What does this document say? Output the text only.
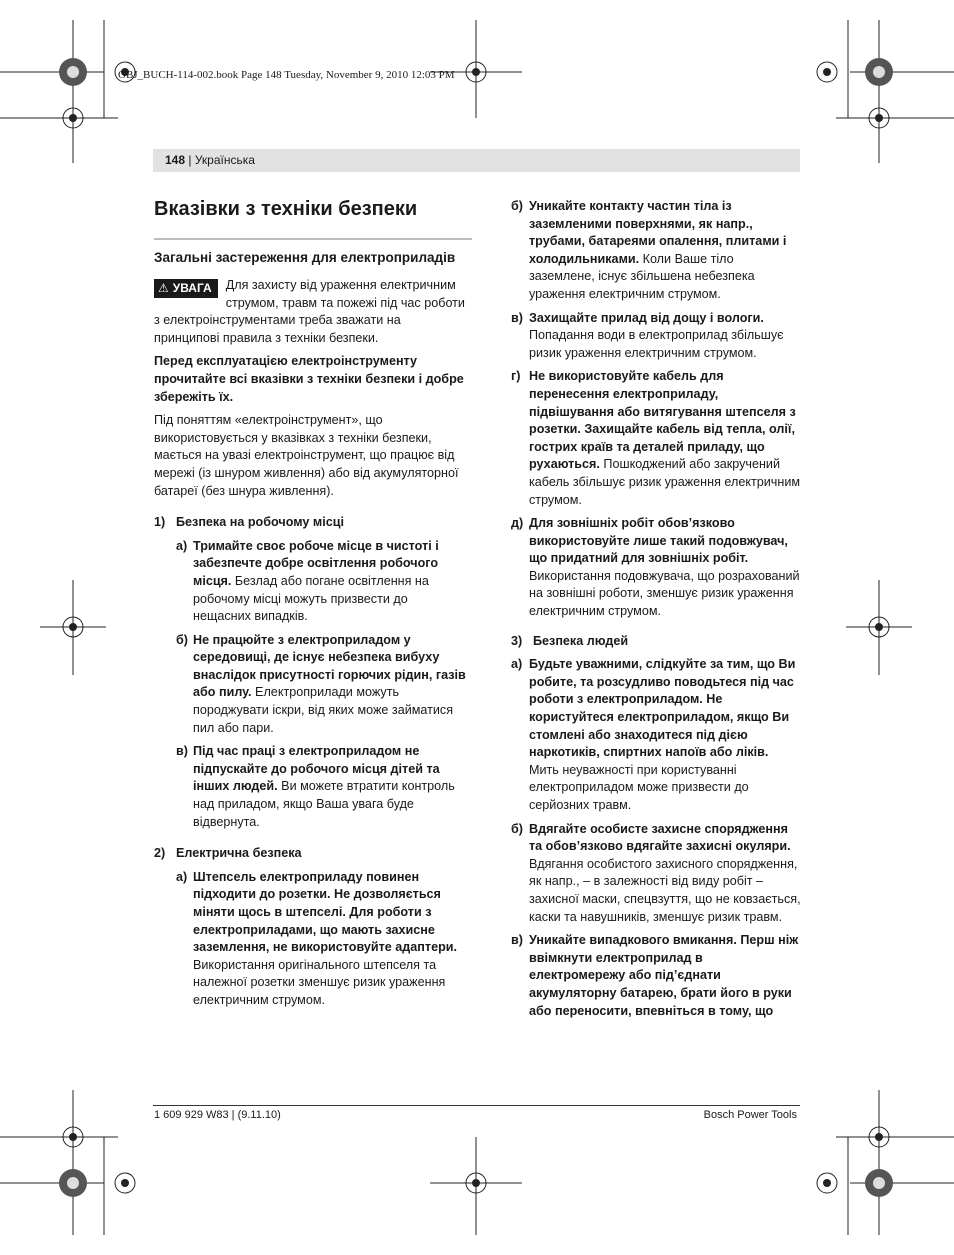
OBJ_BUCH-114-002.book Page 148 Tuesday, November 9, 2010 12:03 PM
148 | Українська
Вказівки з техніки безпеки
Загальні застереження для електроприладів
⚠ УВАГА	Для захисту від ураження електричним струмом, травм та пожежі під час роботи з електроінструментами треба зважати на принципові правила з техніки безпеки.

Перед експлуатацією електроінструменту прочитайте всі вказівки з техніки безпеки і добре збережіть їх.

Під поняттям «електроінструмент», що використовується у вказівках з техніки безпеки, мається на увазі електроінструмент, що працює від мережі (із шнуром живлення) або від акумуляторної батареї (без шнура живлення).

1) Безпека на робочому місці
a) Тримайте своє робоче місце в чистоті і забезпечте добре освітлення робочого місця. Безлад або погане освітлення на робочому місці можуть призвести до нещасних випадків.
б) Не працюйте з електроприладом у середовищі, де існує небезпека вибуху внаслідок присутності горючих рідин, газів або пилу. Електроприлади можуть породжувати іскри, від яких може займатися пил або пари.
в) Під час праці з електроприладом не підпускайте до робочого місця дітей та інших людей. Ви можете втратити контроль над приладом, якщо Ваша увага буде відвернута.
2) Електрична безпека
а) Штепсель електроприладу повинен підходити до розетки. Не дозволяється міняти щось в штепселі. Для роботи з електроприладами, що мають захисне заземлення, не використовуйте адаптери. Використання оригінального штепселя та належної розетки зменшує ризик ураження електричним струмом.
б) Уникайте контакту частин тіла із заземленими поверхнями, як напр., трубами, батареями опалення, плитами і холодильниками. Коли Ваше тіло заземлене, існує збільшена небезпека ураження електричним струмом.
в) Захищайте прилад від дощу і вологи. Попадання води в електроприлад збільшує ризик ураження електричним струмом.
г) Не використовуйте кабель для перенесення електроприладу, підвішування або витягування штепселя з розетки. Захищайте кабель від тепла, олії, гострих країв та деталей приладу, що рухаються. Пошкоджений або закручений кабель збільшує ризик ураження електричним струмом.
д) Для зовнішніх робіт обов’язково використовуйте лише такий подовжувач, що придатний для зовнішніх робіт. Використання подовжувача, що розрахований на зовнішні роботи, зменшує ризик ураження електричним струмом.
3) Безпека людей
а) Будьте уважними, слідкуйте за тим, що Ви робите, та розсудливо поводьтеся під час роботи з електроприладом. Не користуйтеся електроприладом, якщо Ви стомлені або знаходитеся під дією наркотиків, спиртних напоїв або ліків. Мить неуважності при користуванні електроприладом може призвести до серйозних травм.
б) Вдягайте особисте захисне спорядження та обов’язково вдягайте захисні окуляри. Вдягання особистого захисного спорядження, як напр., – в залежності від виду робіт – захисної маски, спецвзуття, що не ковзається, каски та навушників, зменшує ризик травм.
в) Уникайте випадкового вмикання. Перш ніж ввімкнути електроприлад в електромережу або під’єднати акумуляторну батарею, брати його в руки або переносити, впевніться в тому, що
1 609 929 W83 | (9.11.10)	Bosch Power Tools
